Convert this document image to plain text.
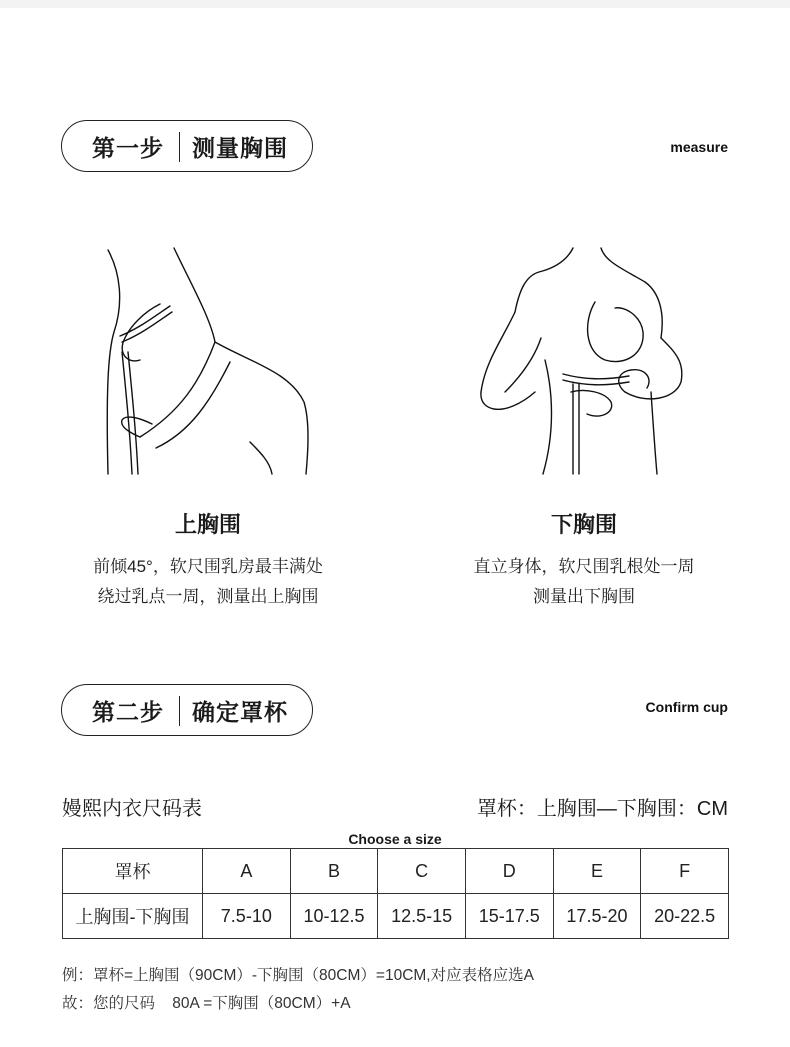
第一步 测量胸围	measure
上胸围
前倾45°，软尺围乳房最丰满处
绕过乳点一周，测量出上胸围
下胸围
直立身体，软尺围乳根处一周
测量出下胸围
第二步 确定罩杯	Confirm cup
嫚熙内衣尺码表	罩杯：上胸围—下胸围：CM
Choose a size
罩杯	A	B	C	D	E	F
上胸围-下胸围	7.5-10	10-12.5	12.5-15	15-17.5	17.5-20	20-22.5
例：罩杯=上胸围（90CM）-下胸围（80CM）=10CM,对应表格应选A
故：您的尺码    80A =下胸围（80CM）+A
